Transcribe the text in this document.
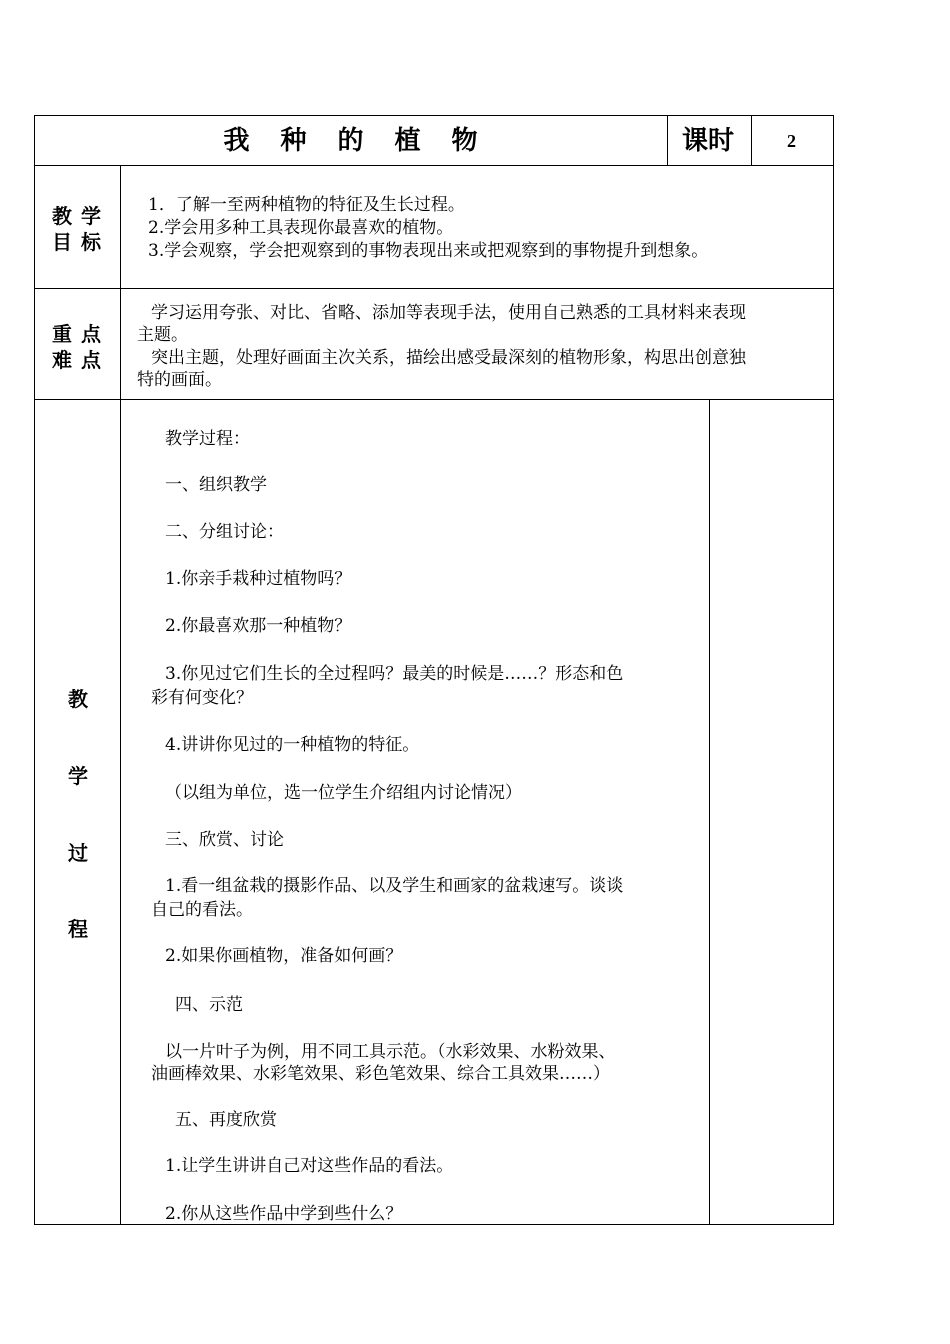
我 种 的 植 物	课时	2
教学
目标
1．了解一至两种植物的特征及生长过程。
2.学会用多种工具表现你最喜欢的植物。
3.学会观察，学会把观察到的事物表现出来或把观察到的事物提升到想象。
重点
难点
学习运用夸张、对比、省略、添加等表现手法，使用自己熟悉的工具材料来表现
主题。
突出主题，处理好画面主次关系，描绘出感受最深刻的植物形象，构思出创意独
特的画面。
教
学
过
程
教学过程：
一、组织教学
二、分组讨论：
1.你亲手栽种过植物吗？
2.你最喜欢那一种植物？
3.你见过它们生长的全过程吗？最美的时候是……？形态和色
彩有何变化？
4.讲讲你见过的一种植物的特征。
（以组为单位，选一位学生介绍组内讨论情况）
三、欣赏、讨论
1.看一组盆栽的摄影作品、以及学生和画家的盆栽速写。谈谈
自己的看法。
2.如果你画植物，准备如何画？
四、示范
以一片叶子为例，用不同工具示范。（水彩效果、水粉效果、
油画棒效果、水彩笔效果、彩色笔效果、综合工具效果……）
五、再度欣赏
1.让学生讲讲自己对这些作品的看法。
2.你从这些作品中学到些什么？
